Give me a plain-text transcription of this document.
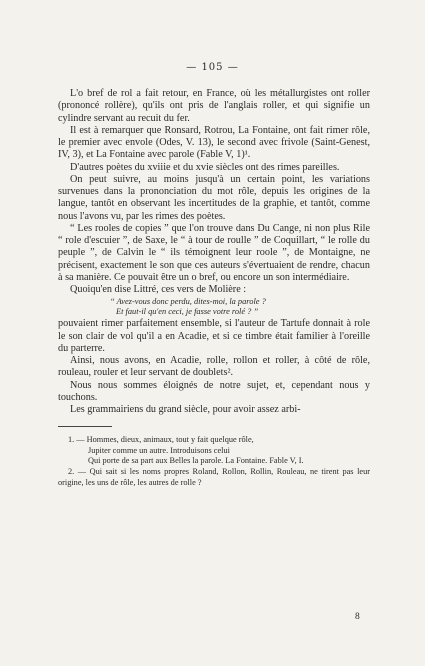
— 105 —

L'o bref de rol a fait retour, en France, où les métallurgistes ont roller (prononcé rollère), qu'ils ont pris de l'anglais roller, et qui signifie un cylindre servant au recuit du fer.

Il est à remarquer que Ronsard, Rotrou, La Fontaine, ont fait rimer rôle, le premier avec envole (Odes, V. 13), le second avec frivole (Saint-Genest, IV, 3), et La Fontaine avec parole (Fable V, 1)¹.

D'autres poètes du xviiie et du xvie siècles ont des rimes pareilles.

On peut suivre, au moins jusqu'à un certain point, les variations survenues dans la prononciation du mot rôle, depuis les origines de la langue, tantôt en observant les incertitudes de la graphie, et tantôt, comme nous l'avons vu, par les rimes des poètes.

“ Les rooles de copies ” que l'on trouve dans Du Cange, ni non plus Rile “ role d'escuier ”, de Saxe, le “ à tour de roulle ” de Coquillart, “ le rolle du peuple ”, de Calvin le “ ils témoignent leur roole ”, de Montaigne, ne précisent, exactement le son que ces auteurs s'évertuaient de rendre, chacun à sa manière. Ce pouvait être un o bref, ou encore un son intermédiaire.

Quoiqu'en dise Littré, ces vers de Molière :

“ Avez-vous donc perdu, dites-moi, la parole ?
Et faut-il qu'en ceci, je fasse votre rolé ? ”

pouvaient rimer parfaitement ensemble, si l'auteur de Tartufe donnait à role le son clair de vol qu'il a en Acadie, et si ce timbre était familier à l'oreille du parterre.

Ainsi, nous avons, en Acadie, rolle, rollon et roller, à côté de rôle, rouleau, rouler et leur servant de doublets².

Nous nous sommes éloignés de notre sujet, et, cependant nous y touchons.

Les grammairiens du grand siècle, pour avoir assez arbi-

1. — Hommes, dieux, animaux, tout y fait quelque rôle,
Jupiter comme un autre. Introduisons celui
Qui porte de sa part aux Belles la parole. La Fontaine. Fable V, I.
2. — Qui sait si les noms propres Roland, Rollon, Rollin, Rouleau, ne tirent pas leur origine, les uns de rôle, les autres de rolle ?
8
